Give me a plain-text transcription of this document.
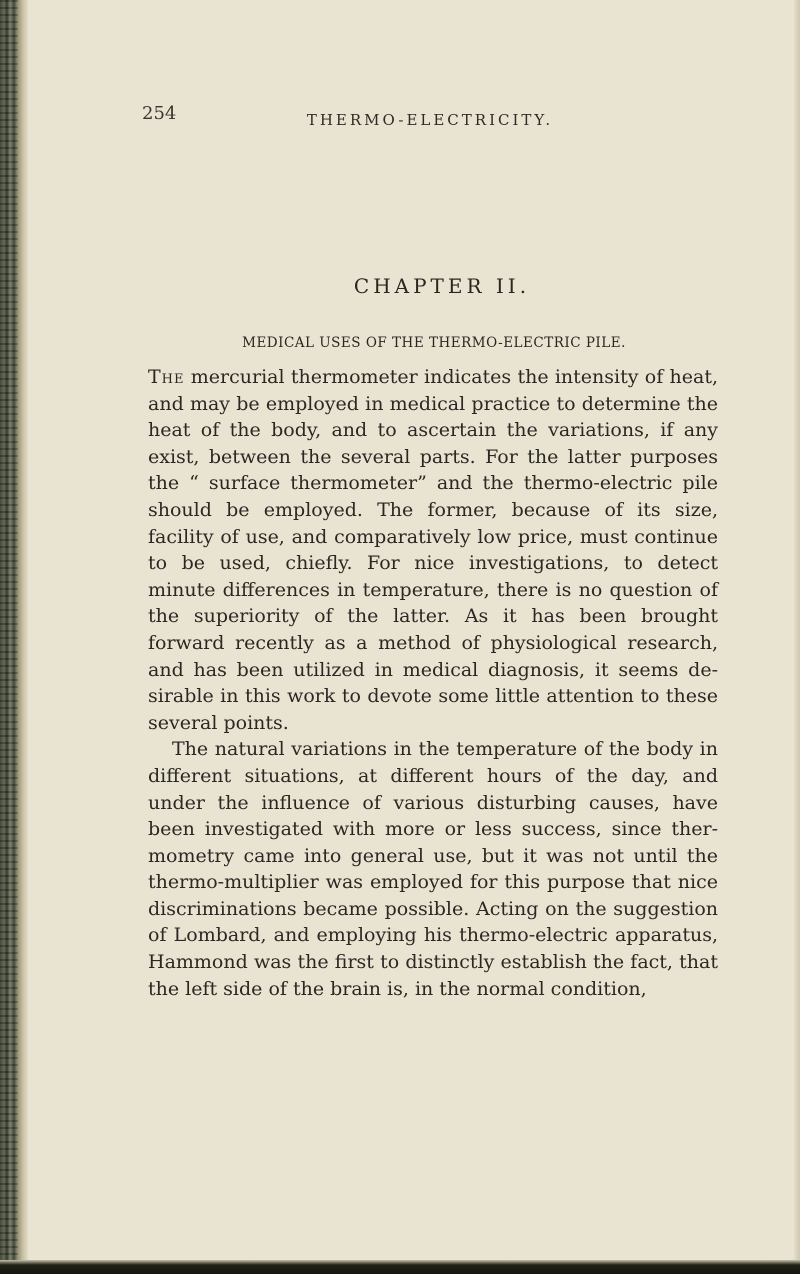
254	THERMO-ELECTRICITY.
CHAPTER II.
MEDICAL USES OF THE THERMO-ELECTRIC PILE.

The mercurial thermometer indicates the intensity of heat, and may be employed in medical practice to determine the heat of the body, and to ascertain the variations, if any exist, between the several parts. For the latter purposes the “ surface thermometer” and the thermo-electric pile should be employed. The former, because of its size, facility of use, and comparatively low price, must continue to be used, chiefly. For nice investigations, to detect minute differences in temperature, there is no question of the superiority of the latter. As it has been brought forward recently as a method of physiological research, and has been utilized in medical diagnosis, it seems desirable in this work to devote some little attention to these several points.

The natural variations in the temperature of the body in different situations, at different hours of the day, and under the influence of various disturbing causes, have been investigated with more or less success, since thermometry came into general use, but it was not until the thermo-multiplier was employed for this purpose that nice discriminations became possible. Acting on the suggestion of Lombard, and employing his thermo-electric apparatus, Hammond was the first to distinctly establish the fact, that the left side of the brain is, in the normal condition,
